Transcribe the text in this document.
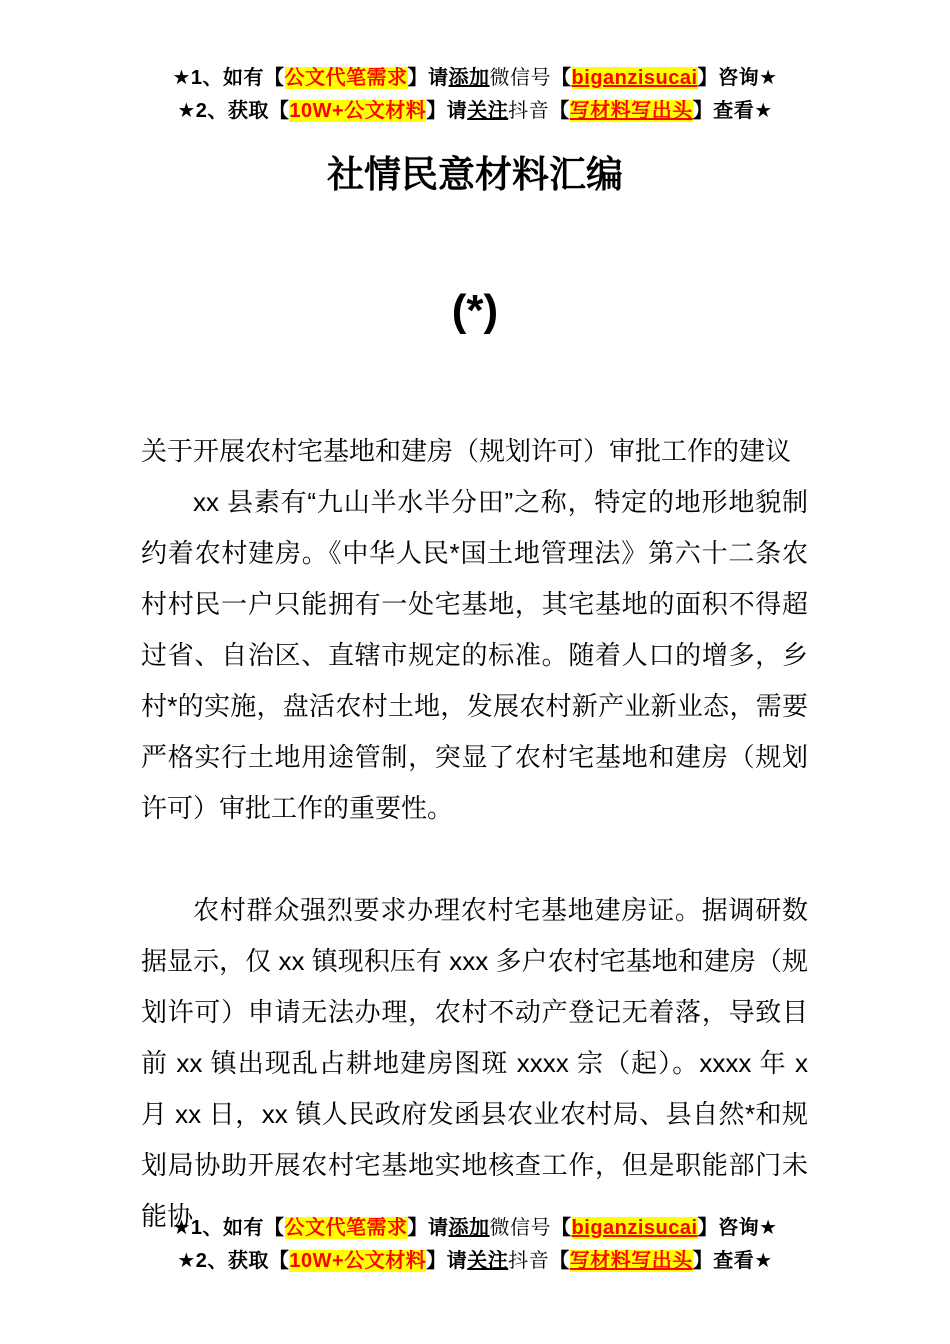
★1、如有【公文代笔需求】请添加微信号【biganzisucai】咨询★
★2、获取【10W+公文材料】请关注抖音【写材料写出头】查看★
社情民意材料汇编
(*)
关于开展农村宅基地和建房（规划许可）审批工作的建议

xx 县素有“九山半水半分田”之称，特定的地形地貌制约着农村建房。《中华人民*国土地管理法》第六十二条农村村民一户只能拥有一处宅基地，其宅基地的面积不得超过省、自治区、直辖市规定的标准。随着人口的增多，乡村*的实施，盘活农村土地，发展农村新产业新业态，需要严格实行土地用途管制，突显了农村宅基地和建房（规划许可）审批工作的重要性。

农村群众强烈要求办理农村宅基地建房证。据调研数据显示，仅 xx 镇现积压有 xxx 多户农村宅基地和建房（规划许可）申请无法办理，农村不动产登记无着落，导致目前 xx 镇出现乱占耕地建房图斑 xxxx 宗（起）。xxxx 年 x 月 xx 日，xx 镇人民政府发函县农业农村局、县自然*和规划局协助开展农村宅基地实地核查工作，但是职能部门未能协

★1、如有【公文代笔需求】请添加微信号【biganzisucai】咨询★
★2、获取【10W+公文材料】请关注抖音【写材料写出头】查看★
